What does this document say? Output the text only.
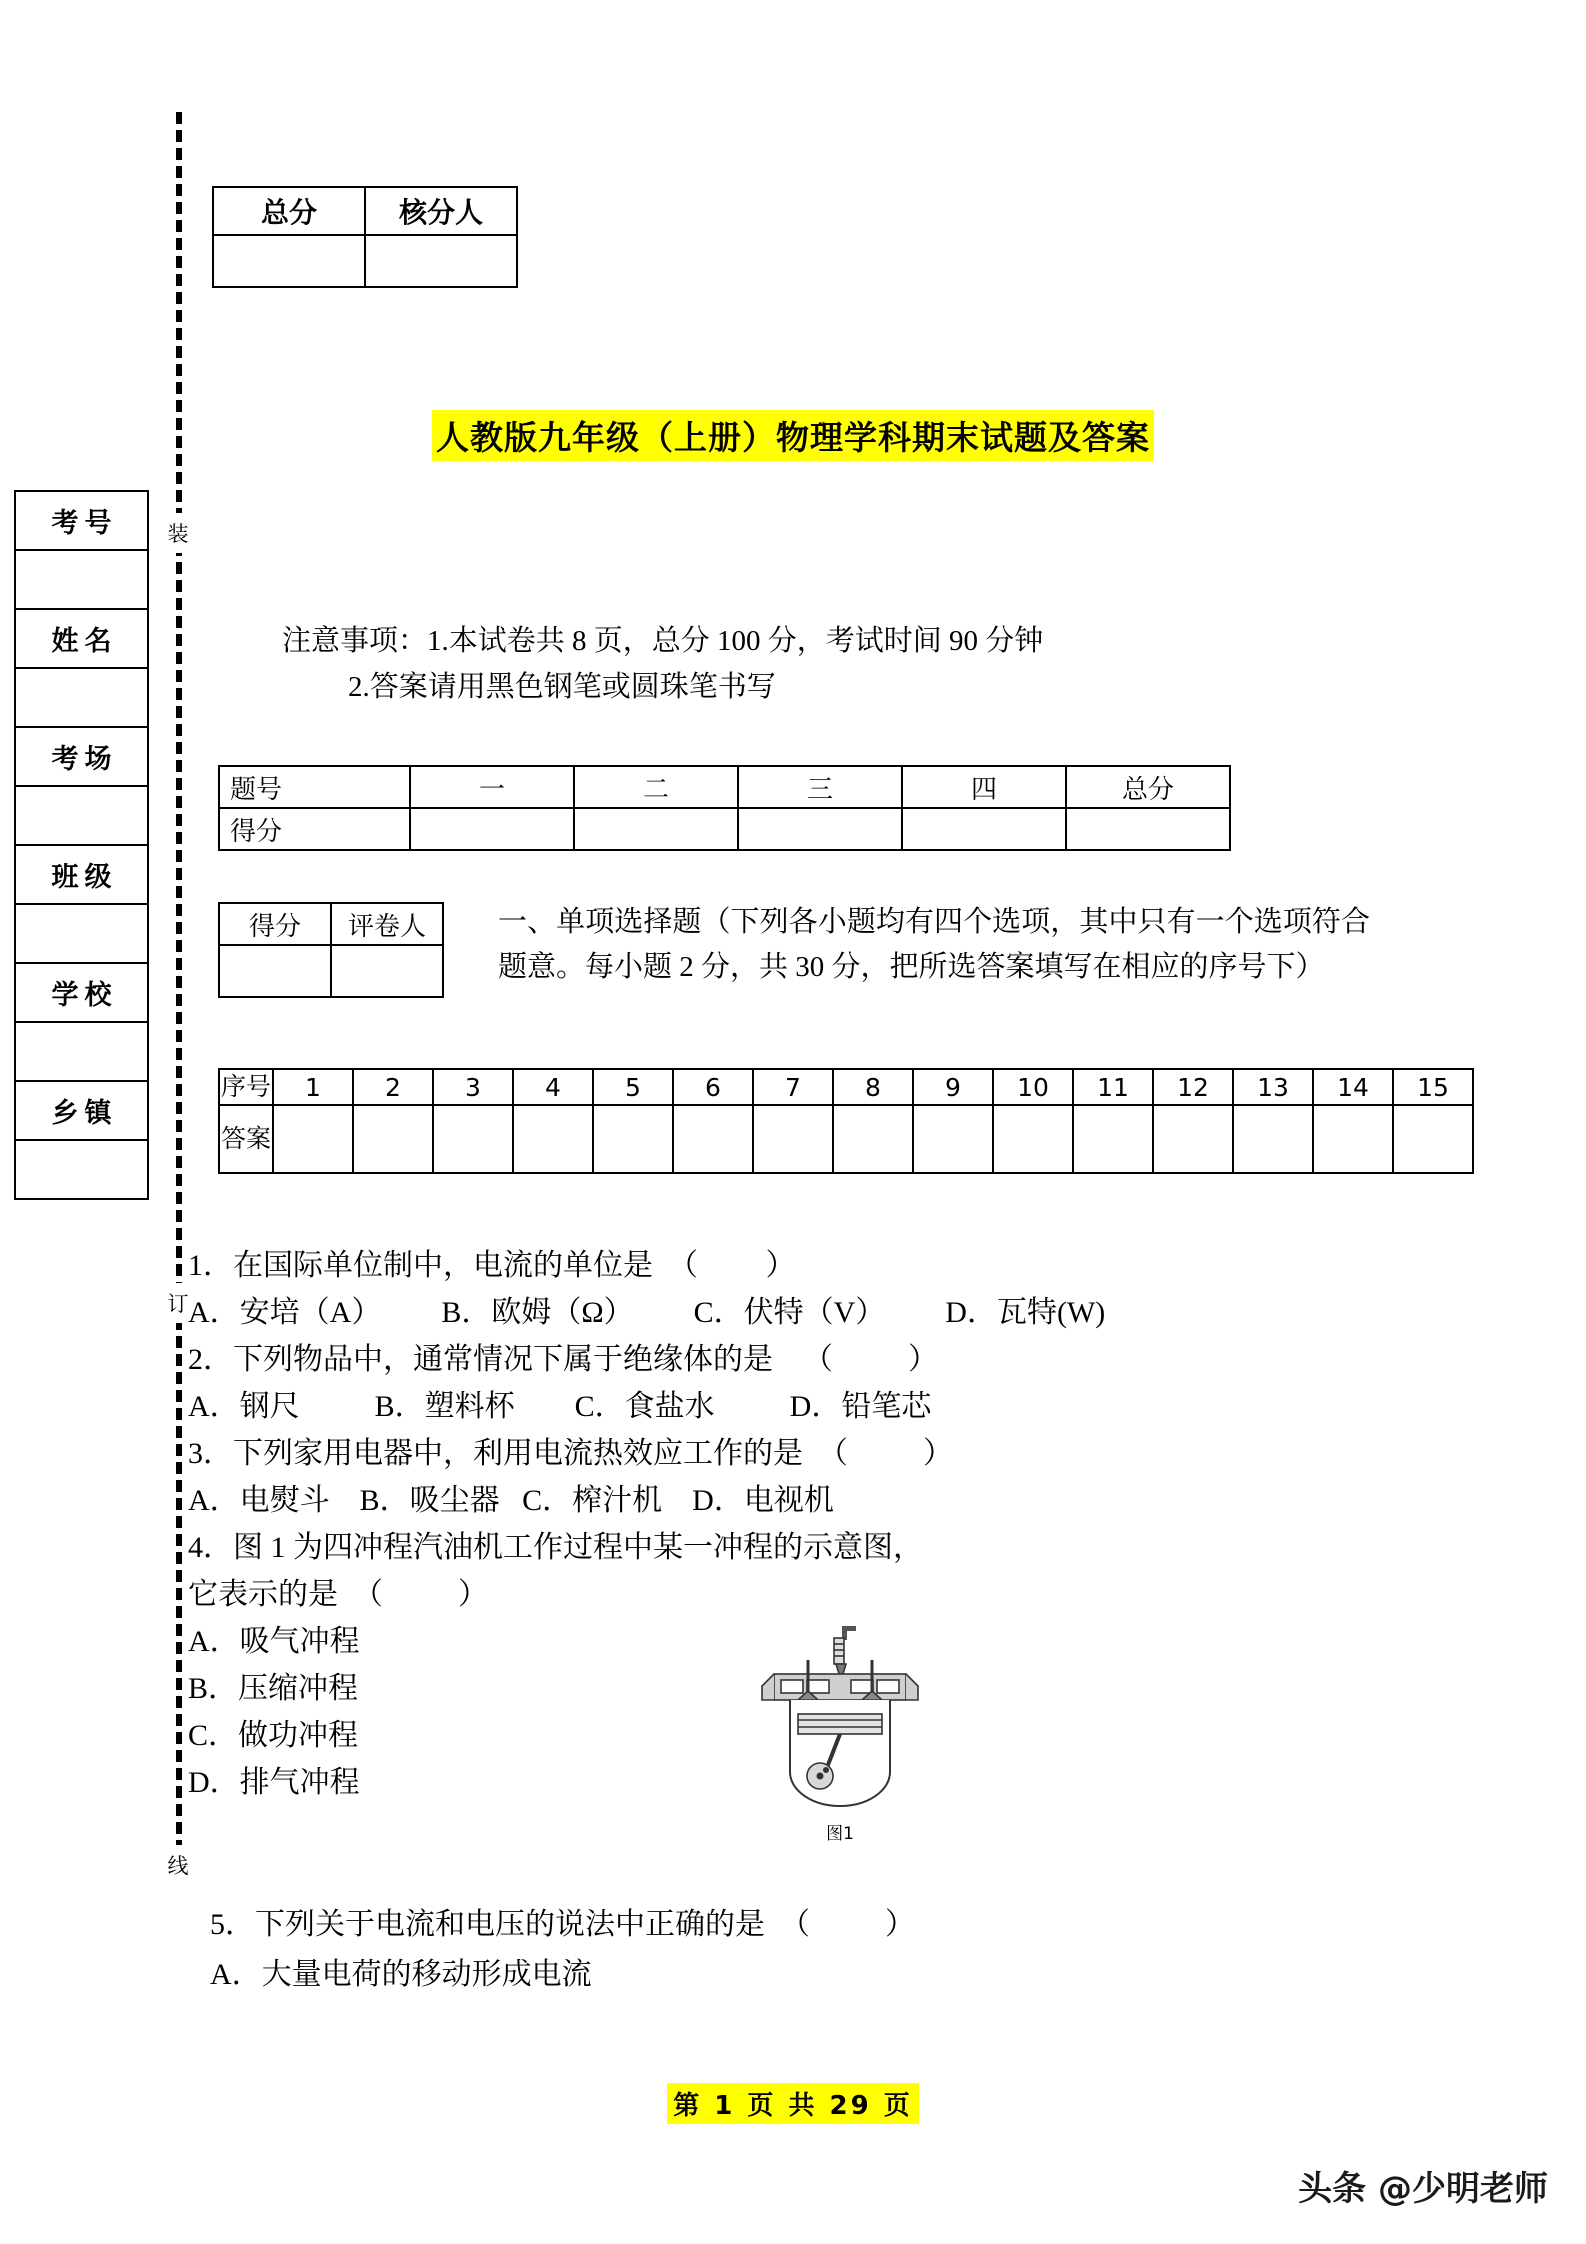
总分	核分人

考号
姓名
考场
班级
学校
乡镇
装
订
线
人教版九年级（上册）物理学科期末试题及答案
注意事项：1.本试卷共 8 页，总分 100 分，考试时间 90 分钟
2.答案请用黑色钢笔或圆珠笔书写
题号	一	二	三	四	总分
得分					
得分	评卷人
	一、单项选择题（下列各小题均有四个选项，其中只有一个选项符合题意。每小题 2 分，共 30 分，把所选答案填写在相应的序号下）
序号	1	2	3	4	5	6	7	8	9	10	11	12	13	14	15
答案															
1．在国际单位制中，电流的单位是  （         ）
A．安培（A）        B．欧姆（Ω）        C．伏特（V）        D．瓦特(W)
2．下列物品中，通常情况下属于绝缘体的是    （          ）
A．钢尺          B．塑料杯        C．食盐水          D．铅笔芯
3．下列家用电器中，利用电流热效应工作的是  （          ）
A．电熨斗    B．吸尘器   C．榨汁机    D．电视机
4．图 1 为四冲程汽油机工作过程中某一冲程的示意图，
它表示的是  （          ）
A．吸气冲程
B．压缩冲程
C．做功冲程
D．排气冲程
图1
5．下列关于电流和电压的说法中正确的是  （          ）
A．大量电荷的移动形成电流
第 1 页 共 29 页
头条 @少明老师
